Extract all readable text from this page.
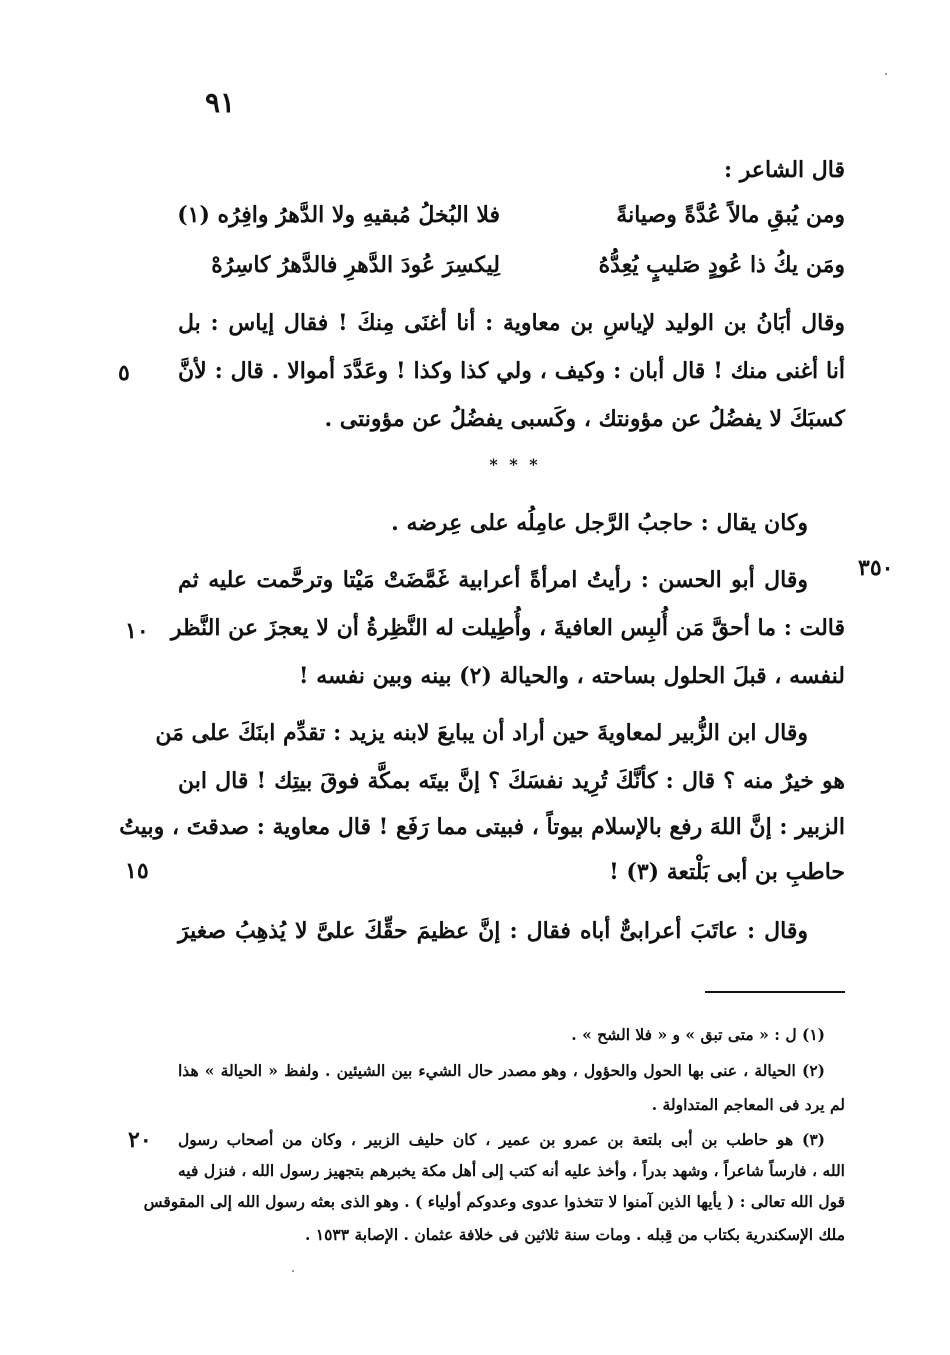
٩١
قال الشاعر :
ومن يُبقِ مالاً عُدَّةً وصيانةً
فلا البُخلُ مُبقيهِ ولا الدَّهرُ وافِرُه (١)
ومَن يكُ ذا عُودٍ صَليبٍ يُعِدُّهُ
لِيكسِرَ عُودَ الدَّهرِ فالدَّهرُ كاسِرُهْ
وقال أبَانُ بن الوليد لإياسِ بن معاوية : أنا أغنَى مِنكَ ! فقال إياس : بل
أنا أغنى منك ! قال أبان : وكيف ، ولي كذا وكذا ! وعَدَّدَ أموالا . قال : لأنَّ
كسبَكَ لا يفضُلُ عن مؤونتك ، وكَسبى يفضُلُ عن مؤونتى .
* * *
وكان يقال : حاجبُ الرَّجل عامِلُه على عِرضه .
وقال أبو الحسن : رأيتُ امرأةً أعرابية غَمَّضَتْ مَيْتا وترحَّمت عليه ثم
قالت : ما أحقَّ مَن أُلبِس العافيةَ ، وأُطِيلت له النَّظِرةُ أن لا يعجزَ عن النَّظر
لنفسه ، قبلَ الحلول بساحته ، والحيالة (٢) بينه وبين نفسه !
وقال ابن الزُّبير لمعاويةَ حين أراد أن يبايعَ لابنه يزيد : تقدِّم ابنَكَ على مَن
هو خيرٌ منه ؟ قال : كأنَّكَ تُرِيد نفسَكَ ؟ إنَّ بيتَه بمكَّة فوقَ بيتِك ! قال ابن
الزبير : إنَّ اللهَ رفع بالإسلام بيوتاً ، فبيتى مما رَفَع ! قال معاوية : صدقتَ ، وبيتُ
حاطبِ بن أبى بَلْتعة (٣) !
وقال : عاتَبَ أعرابىٌّ أباه فقال : إنَّ عظيمَ حقِّكَ علىَّ لا يُذهِبُ صغيرَ
٥
٣٥٠
١٠
١٥
٢٠
(١) ل : « متى تبق » و « فلا الشح » .
(٢) الحيالة ، عنى بها الحول والحؤول ، وهو مصدر حال الشيء بين الشيئين . ولفظ « الحيالة » هذا
لم يرد فى المعاجم المتداولة .
(٣) هو حاطب بن أبى بلتعة بن عمرو بن عمير ، كان حليف الزبير ، وكان من أصحاب رسول
الله ، فارساً شاعراً ، وشهد بدراً ، وأخذ عليه أنه كتب إلى أهل مكة يخبرهم بتجهيز رسول الله ، فنزل فيه
قول الله تعالى : ( يأيها الذين آمنوا لا تتخذوا عدوى وعدوكم أولياء ) . وهو الذى بعثه رسول الله إلى المقوقس
ملك الإسكندرية بكتاب من قِبله . ومات سنة ثلاثين فى خلافة عثمان . الإصابة ١٥٣٣ .
